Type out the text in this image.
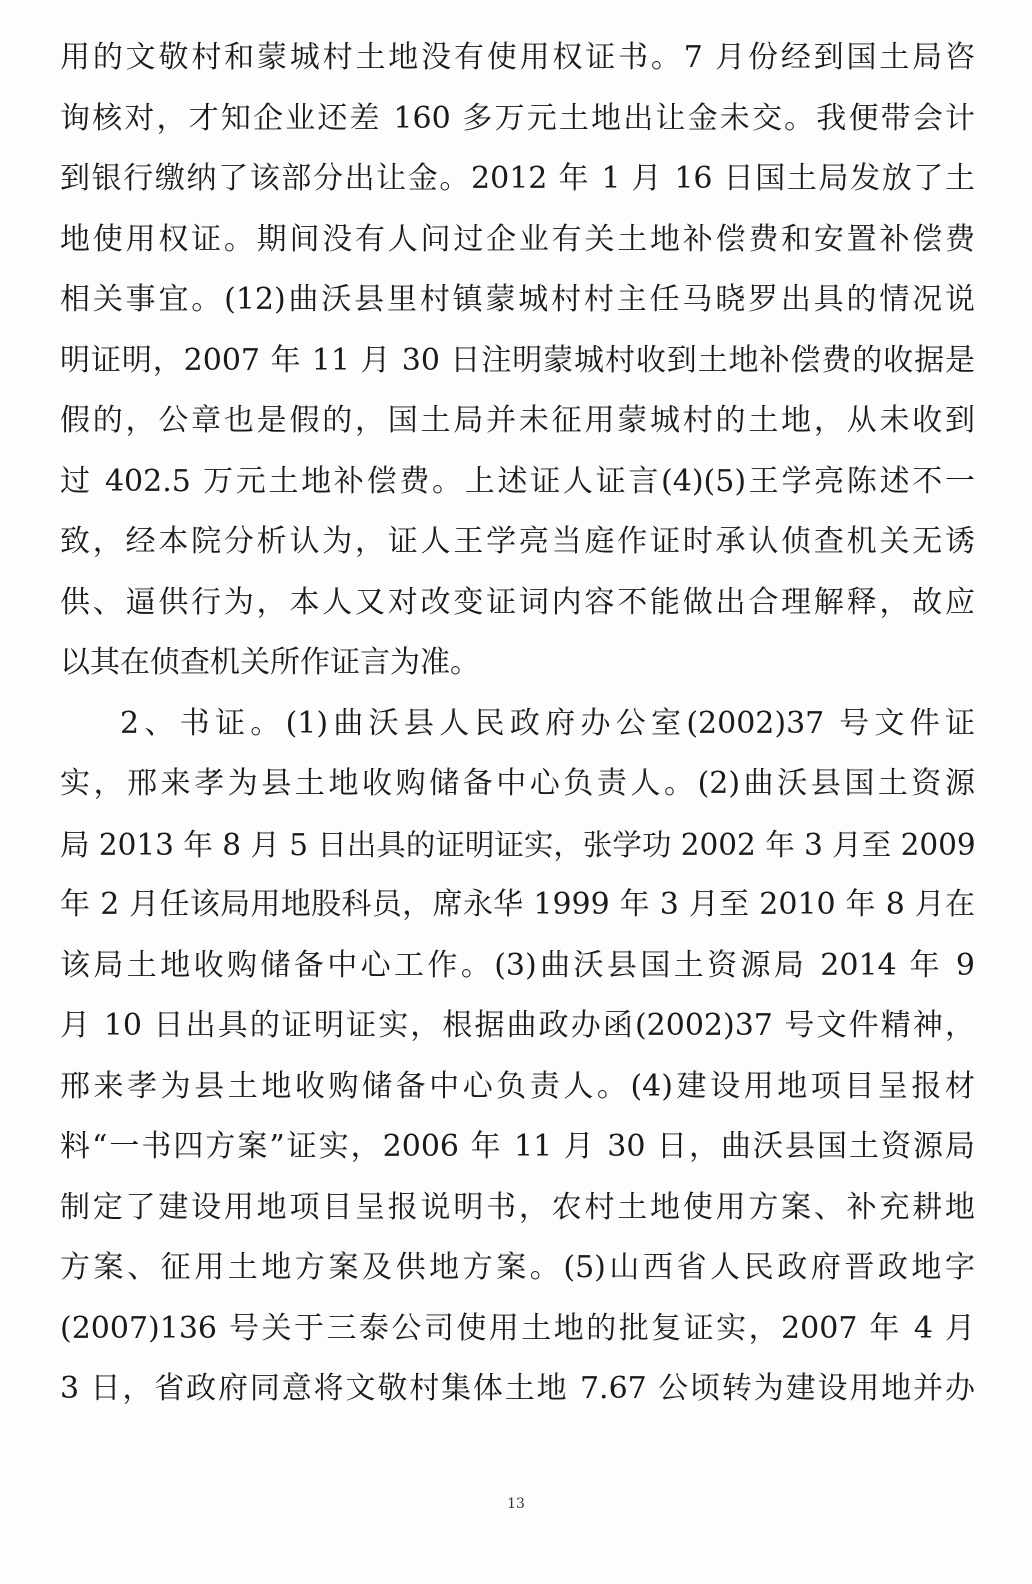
用的文敬村和蒙城村土地没有使用权证书。7 月份经到国土局咨
询核对，才知企业还差 160 多万元土地出让金未交。我便带会计
到银行缴纳了该部分出让金。2012 年 1 月 16 日国土局发放了土
地使用权证。期间没有人问过企业有关土地补偿费和安置补偿费
相关事宜。(12)曲沃县里村镇蒙城村村主任马晓罗出具的情况说
明证明，2007 年 11 月 30 日注明蒙城村收到土地补偿费的收据是
假的，公章也是假的，国土局并未征用蒙城村的土地，从未收到
过 402.5 万元土地补偿费。上述证人证言(4)(5)王学亮陈述不一
致，经本院分析认为，证人王学亮当庭作证时承认侦查机关无诱
供、逼供行为，本人又对改变证词内容不能做出合理解释，故应
以其在侦查机关所作证言为准。
2、书证。(1)曲沃县人民政府办公室(2002)37 号文件证
实，邢来孝为县土地收购储备中心负责人。(2)曲沃县国土资源
局 2013 年 8 月 5 日出具的证明证实，张学功 2002 年 3 月至 2009
年 2 月任该局用地股科员，席永华 1999 年 3 月至 2010 年 8 月在
该局土地收购储备中心工作。(3)曲沃县国土资源局 2014 年 9
月 10 日出具的证明证实，根据曲政办函(2002)37 号文件精神，
邢来孝为县土地收购储备中心负责人。(4)建设用地项目呈报材
料“一书四方案”证实，2006 年 11 月 30 日，曲沃县国土资源局
制定了建设用地项目呈报说明书，农村土地使用方案、补充耕地
方案、征用土地方案及供地方案。(5)山西省人民政府晋政地字
(2007)136 号关于三泰公司使用土地的批复证实，2007 年 4 月
3 日，省政府同意将文敬村集体土地 7.67 公顷转为建设用地并办
13
